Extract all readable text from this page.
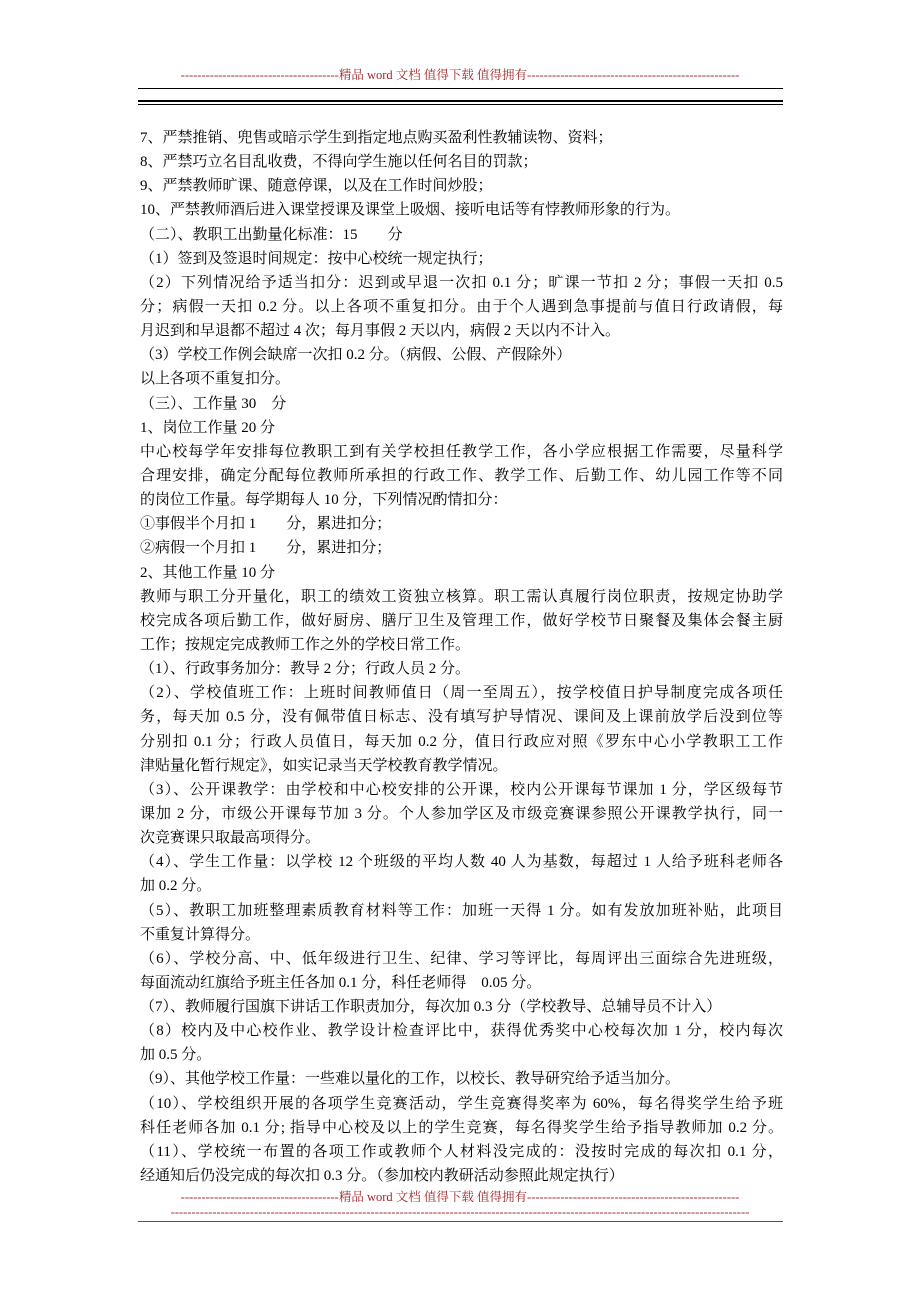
--------------------------------------精品 word 文档 值得下载 值得拥有---------------------------------------------------
7、严禁推销、兜售或暗示学生到指定地点购买盈利性教辅读物、资料；
8、严禁巧立名目乱收费，不得向学生施以任何名目的罚款；
9、严禁教师旷课、随意停课，以及在工作时间炒股；
10、严禁教师酒后进入课堂授课及课堂上吸烟、接听电话等有悖教师形象的行为。
（二）、教职工出勤量化标准：15　　分
（1）签到及签退时间规定：按中心校统一规定执行；
（2）下列情况给予适当扣分：迟到或早退一次扣 0.1 分；旷课一节扣 2 分；事假一天扣 0.5
分；病假一天扣 0.2 分。以上各项不重复扣分。由于个人遇到急事提前与值日行政请假，每
月迟到和早退都不超过 4 次；每月事假 2 天以内，病假 2 天以内不计入。
（3）学校工作例会缺席一次扣 0.2 分。（病假、公假、产假除外）
以上各项不重复扣分。
（三）、工作量 30　分
1、岗位工作量 20 分
中心校每学年安排每位教职工到有关学校担任教学工作，各小学应根据工作需要，尽量科学
合理安排，确定分配每位教师所承担的行政工作、教学工作、后勤工作、幼儿园工作等不同
的岗位工作量。每学期每人 10 分，下列情况酌情扣分：
①事假半个月扣 1　　分，累进扣分；
②病假一个月扣 1　　分，累进扣分；
2、其他工作量 10 分
教师与职工分开量化，职工的绩效工资独立核算。职工需认真履行岗位职责，按规定协助学
校完成各项后勤工作，做好厨房、膳厅卫生及管理工作，做好学校节日聚餐及集体会餐主厨
工作；按规定完成教师工作之外的学校日常工作。
（1）、行政事务加分：教导 2 分；行政人员 2 分。
（2）、学校值班工作：上班时间教师值日（周一至周五），按学校值日护导制度完成各项任
务，每天加 0.5 分，没有佩带值日标志、没有填写护导情况、课间及上课前放学后没到位等
分别扣 0.1 分；行政人员值日，每天加 0.2 分，值日行政应对照《罗东中心小学教职工工作
津贴量化暂行规定》，如实记录当天学校教育教学情况。
（3）、公开课教学：由学校和中心校安排的公开课，校内公开课每节课加 1 分，学区级每节
课加 2 分，市级公开课每节加 3 分。个人参加学区及市级竞赛课参照公开课教学执行，同一
次竞赛课只取最高项得分。
（4）、学生工作量：以学校 12 个班级的平均人数 40 人为基数，每超过 1 人给予班科老师各
加 0.2 分。
（5）、教职工加班整理素质教育材料等工作：加班一天得 1 分。如有发放加班补贴，此项目
不重复计算得分。
（6）、学校分高、中、低年级进行卫生、纪律、学习等评比，每周评出三面综合先进班级，
每面流动红旗给予班主任各加 0.1 分，科任老师得　0.05 分。
（7）、教师履行国旗下讲话工作职责加分，每次加 0.3 分（学校教导、总辅导员不计入）
（8）校内及中心校作业、教学设计检查评比中，获得优秀奖中心校每次加 1 分，校内每次
加 0.5 分。
（9）、其他学校工作量：一些难以量化的工作，以校长、教导研究给予适当加分。
（10）、学校组织开展的各项学生竞赛活动，学生竞赛得奖率为 60%，每名得奖学生给予班
科任老师各加 0.1 分; 指导中心校及以上的学生竞赛，每名得奖学生给予指导教师加 0.2 分。
（11）、学校统一布置的各项工作或教师个人材料没完成的：没按时完成的每次扣 0.1 分，
经通知后仍没完成的每次扣 0.3 分。（参加校内教研活动参照此规定执行）
--------------------------------------精品 word 文档 值得下载 值得拥有---------------------------------------------------
-------------------------------------------------------------------------------------------------------------------------------------------
